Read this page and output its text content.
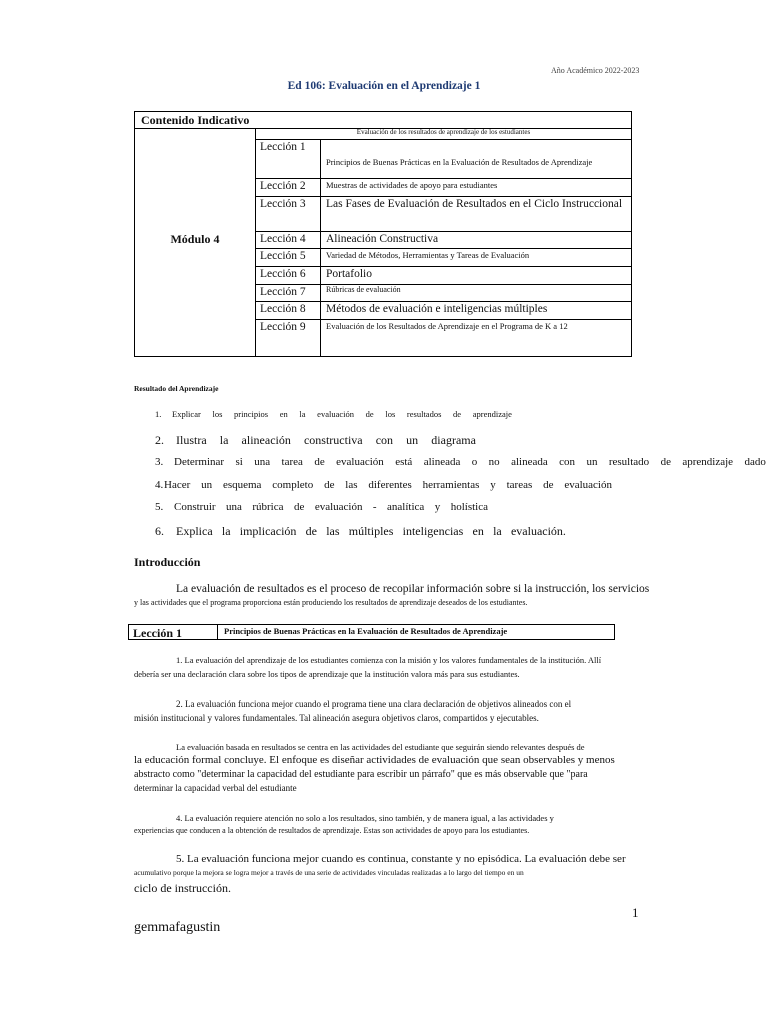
Año Académico 2022-2023
Ed 106: Evaluación en el Aprendizaje 1
Contenido Indicativo
Módulo 4
Evaluación de los resultados de aprendizaje de los estudiantes
Lección 1
Principios de Buenas Prácticas en la Evaluación de Resultados de Aprendizaje
Lección 2 Muestras de actividades de apoyo para estudiantes
Lección 3 Las Fases de Evaluación de Resultados en el Ciclo Instruccional
Lección 4 Alineación Constructiva
Lección 5 Variedad de Métodos, Herramientas y Tareas de Evaluación
Lección 6 Portafolio
Lección 7	Rúbricas de evaluación
Lección 8 Métodos de evaluación e inteligencias múltiples
Lección 9 Evaluación de los Resultados de Aprendizaje en el Programa de K a 12
Resultado del Aprendizaje
1. Explicar los principios en la evaluación de los resultados de aprendizaje
2. Ilustra la alineación constructiva con un diagrama
3. Determinar si una tarea de evaluación está alineada o no alineada con un resultado de aprendizaje dado
4. Hacer un esquema completo de las diferentes herramientas y tareas de evaluación
5. Construir una rúbrica de evaluación - analítica y holística
6. Explica la implicación de las múltiples inteligencias en la evaluación.
Introducción
La evaluación de resultados es el proceso de recopilar información sobre si la instrucción, los servicios
y las actividades que el programa proporciona están produciendo los resultados de aprendizaje deseados de los estudiantes.
Lección 1	Principios de Buenas Prácticas en la Evaluación de Resultados de Aprendizaje
1. La evaluación del aprendizaje de los estudiantes comienza con la misión y los valores fundamentales de la institución. Allí
debería ser una declaración clara sobre los tipos de aprendizaje que la institución valora más para sus estudiantes.
2. La evaluación funciona mejor cuando el programa tiene una clara declaración de objetivos alineados con el
misión institucional y valores fundamentales. Tal alineación asegura objetivos claros, compartidos y ejecutables.
La evaluación basada en resultados se centra en las actividades del estudiante que seguirán siendo relevantes después de
la educación formal concluye. El enfoque es diseñar actividades de evaluación que sean observables y menos
abstracto como "determinar la capacidad del estudiante para escribir un párrafo" que es más observable que "para
determinar la capacidad verbal del estudiante
4. La evaluación requiere atención no solo a los resultados, sino también, y de manera igual, a las actividades y
experiencias que conducen a la obtención de resultados de aprendizaje. Estas son actividades de apoyo para los estudiantes.
5. La evaluación funciona mejor cuando es continua, constante y no episódica. La evaluación debe ser
acumulativo porque la mejora se logra mejor a través de una serie de actividades vinculadas realizadas a lo largo del tiempo en un
ciclo de instrucción.
1
gemmafagustin
